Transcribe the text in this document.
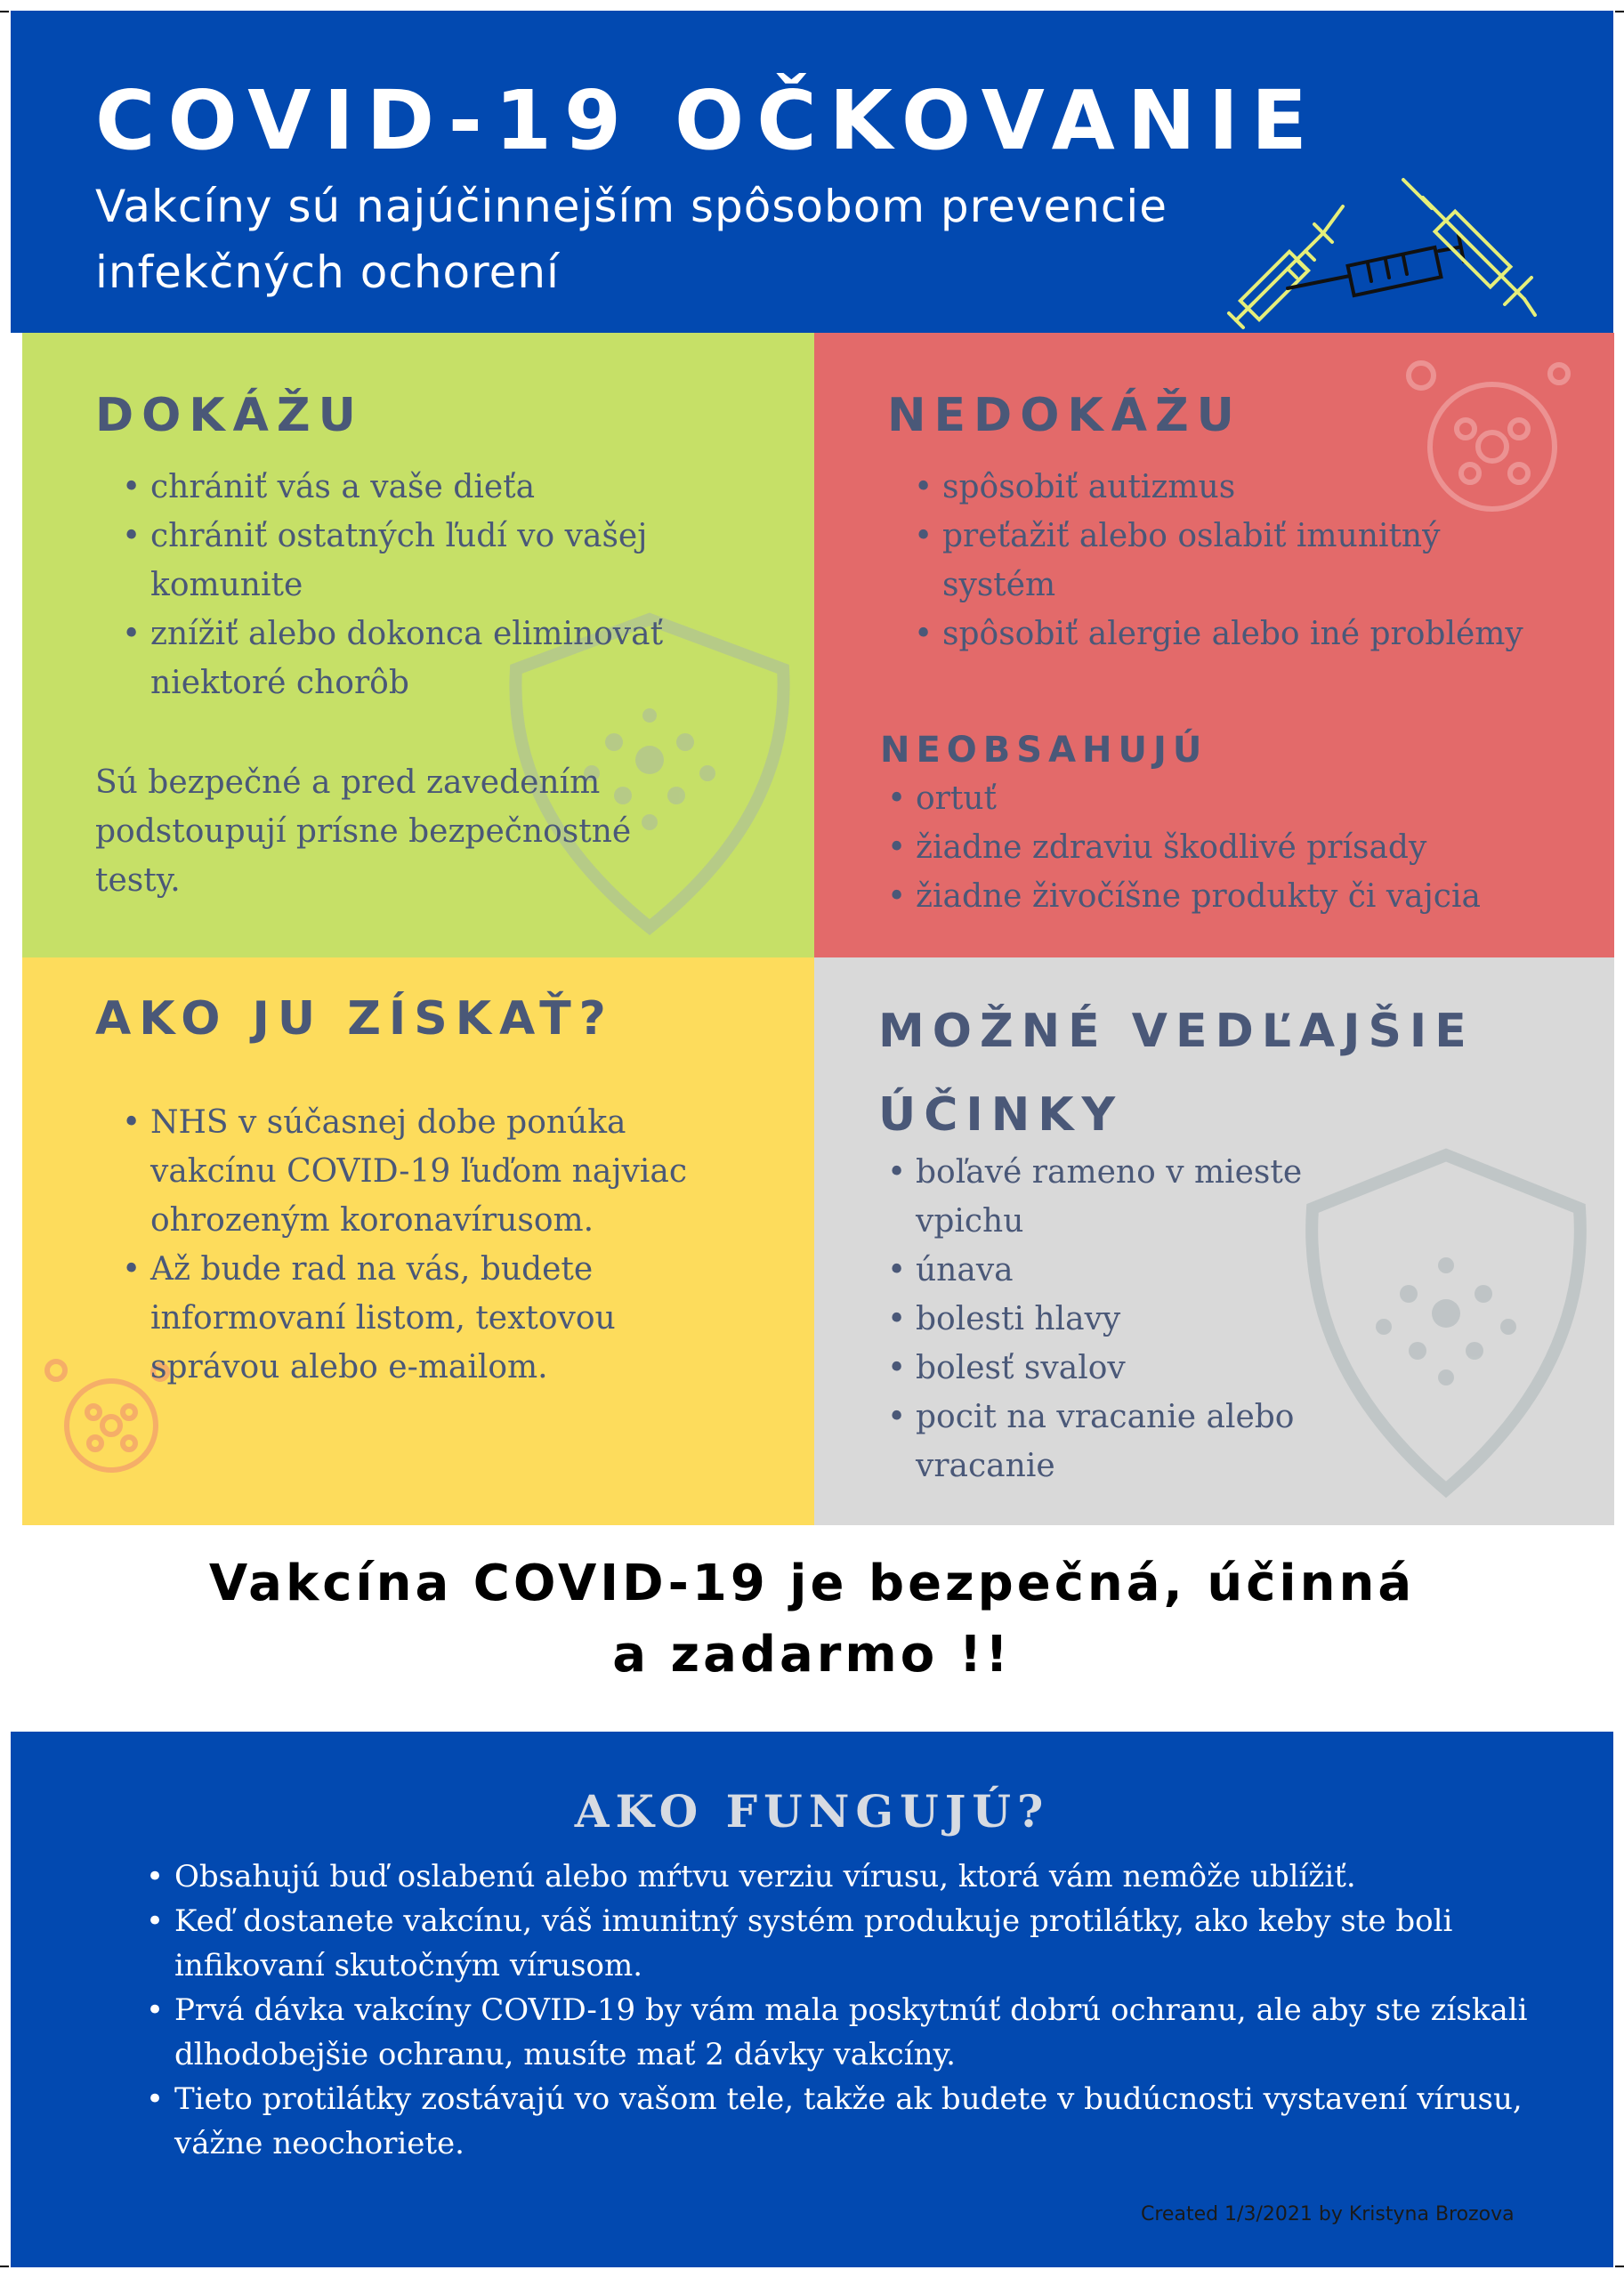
COVID-19 OČKOVANIE
Vakcíny sú najúčinnejším spôsobom prevencie infekčných ochorení
DOKÁŽU
• chrániť vás a vaše dieťa
• chrániť ostatných ľudí vo vašej komunite
• znížiť alebo dokonca eliminovať niektoré chorôb
Sú bezpečné a pred zavedením podstoupují prísne bezpečnostné testy.
NEDOKÁŽU
• spôsobiť autizmus
• preťažiť alebo oslabiť imunitný systém
• spôsobiť alergie alebo iné problémy
NEOBSAHUJÚ
• ortuť
• žiadne zdraviu škodlivé prísady
• žiadne živočíšne produkty či vajcia
AKO JU ZÍSKAŤ?
• NHS v súčasnej dobe ponúka vakcínu COVID-19 ľuďom najviac ohrozeným koronavírusom.
• Až bude rad na vás, budete informovaní listom, textovou správou alebo e-mailom.
MOŽNÉ VEDĽAJŠIE ÚČINKY
• boľavé rameno v mieste vpichu
• únava
• bolesti hlavy
• bolesť svalov
• pocit na vracanie alebo vracanie
Vakcína COVID-19 je bezpečná, účinná a zadarmo !!
AKO FUNGUJÚ?
• Obsahujú buď oslabenú alebo mŕtvu verziu vírusu, ktorá vám nemôže ublížiť.
• Keď dostanete vakcínu, váš imunitný systém produkuje protilátky, ako keby ste boli infikovaní skutočným vírusom.
• Prvá dávka vakcíny COVID-19 by vám mala poskytnúť dobrú ochranu, ale aby ste získali dlhodobejšie ochranu, musíte mať 2 dávky vakcíny.
• Tieto protilátky zostávajú vo vašom tele, takže ak budete v budúcnosti vystavení vírusu, vážne neochoriete.
Created 1/3/2021 by Kristyna Brozova
